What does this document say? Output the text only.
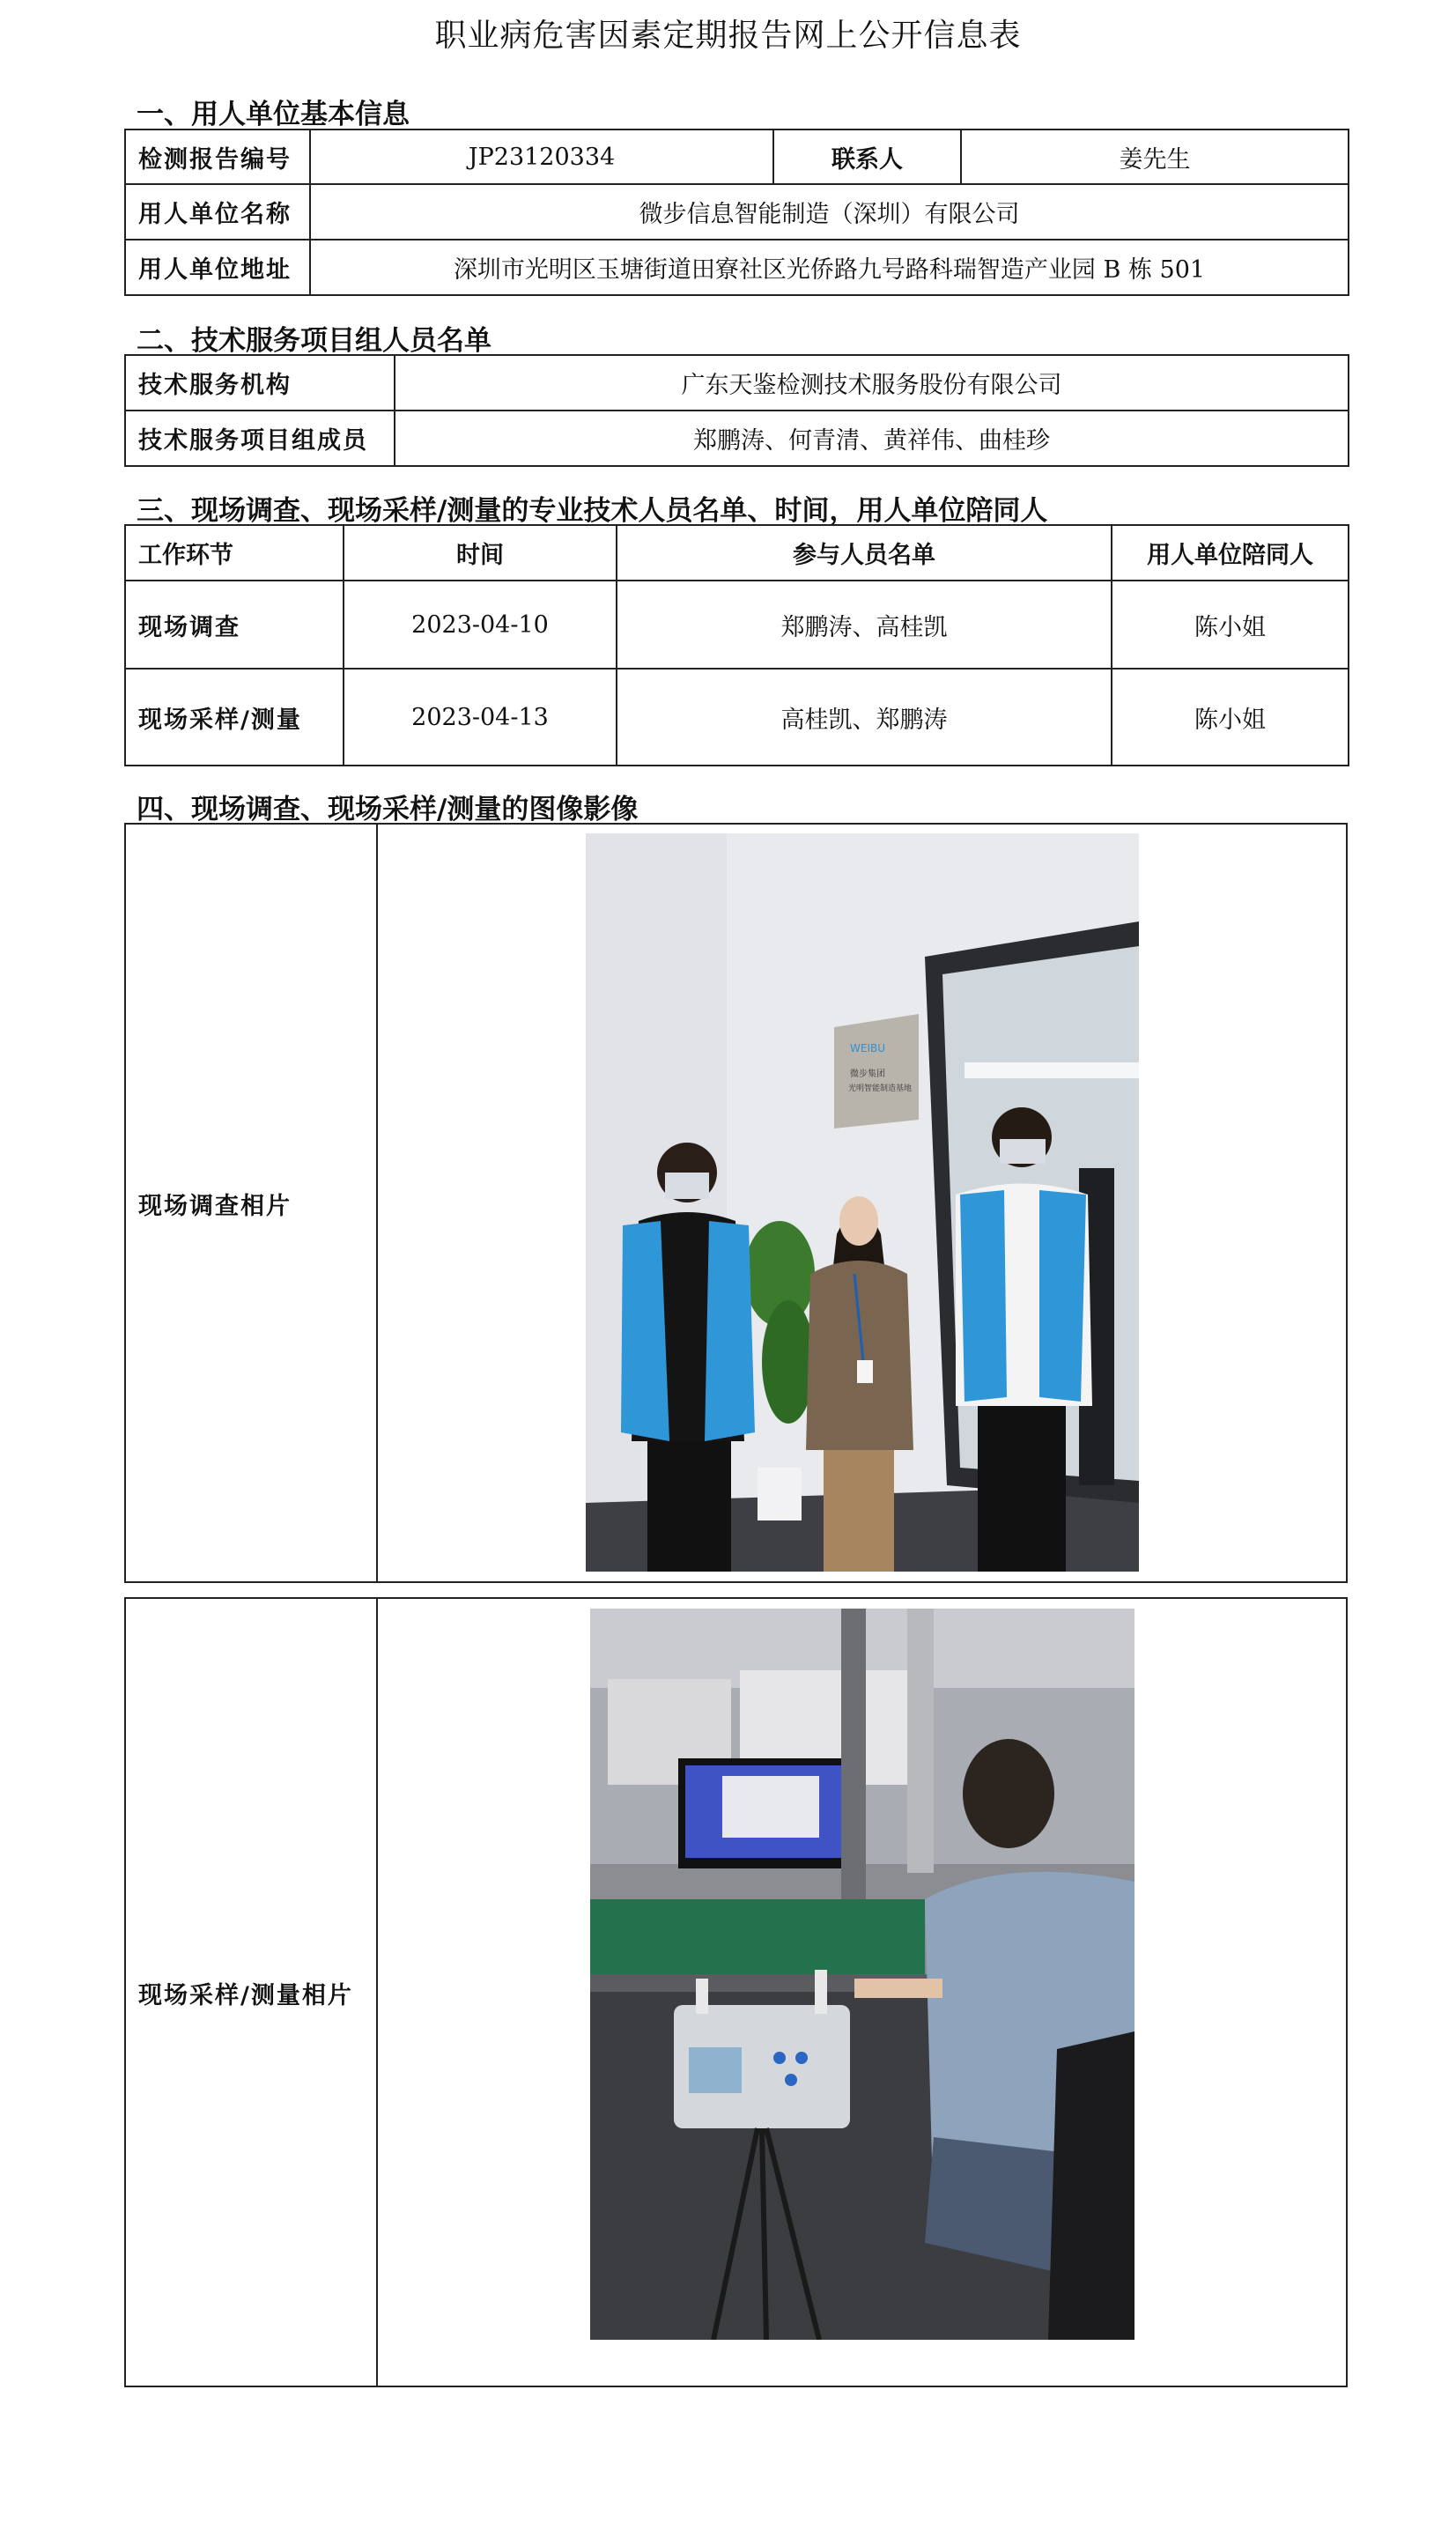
职业病危害因素定期报告网上公开信息表
一、用人单位基本信息
检测报告编号	JP23120334	联系人	姜先生
用人单位名称	微步信息智能制造（深圳）有限公司		
用人单位地址	深圳市光明区玉塘街道田寮社区光侨路九号路科瑞智造产业园 B 栋 501		
二、技术服务项目组人员名单
技术服务机构	广东天鉴检测技术服务股份有限公司
技术服务项目组成员	郑鹏涛、何青清、黄祥伟、曲桂珍
三、现场调查、现场采样/测量的专业技术人员名单、时间，用人单位陪同人
工作环节	时间	参与人员名单	用人单位陪同人
现场调查	2023-04-10	郑鹏涛、高桂凯	陈小姐
现场采样/测量	2023-04-13	高桂凯、郑鹏涛	陈小姐
四、现场调查、现场采样/测量的图像影像
现场调查相片
WEIBU
微步集团
光明智能制造基地
现场采样/测量相片
